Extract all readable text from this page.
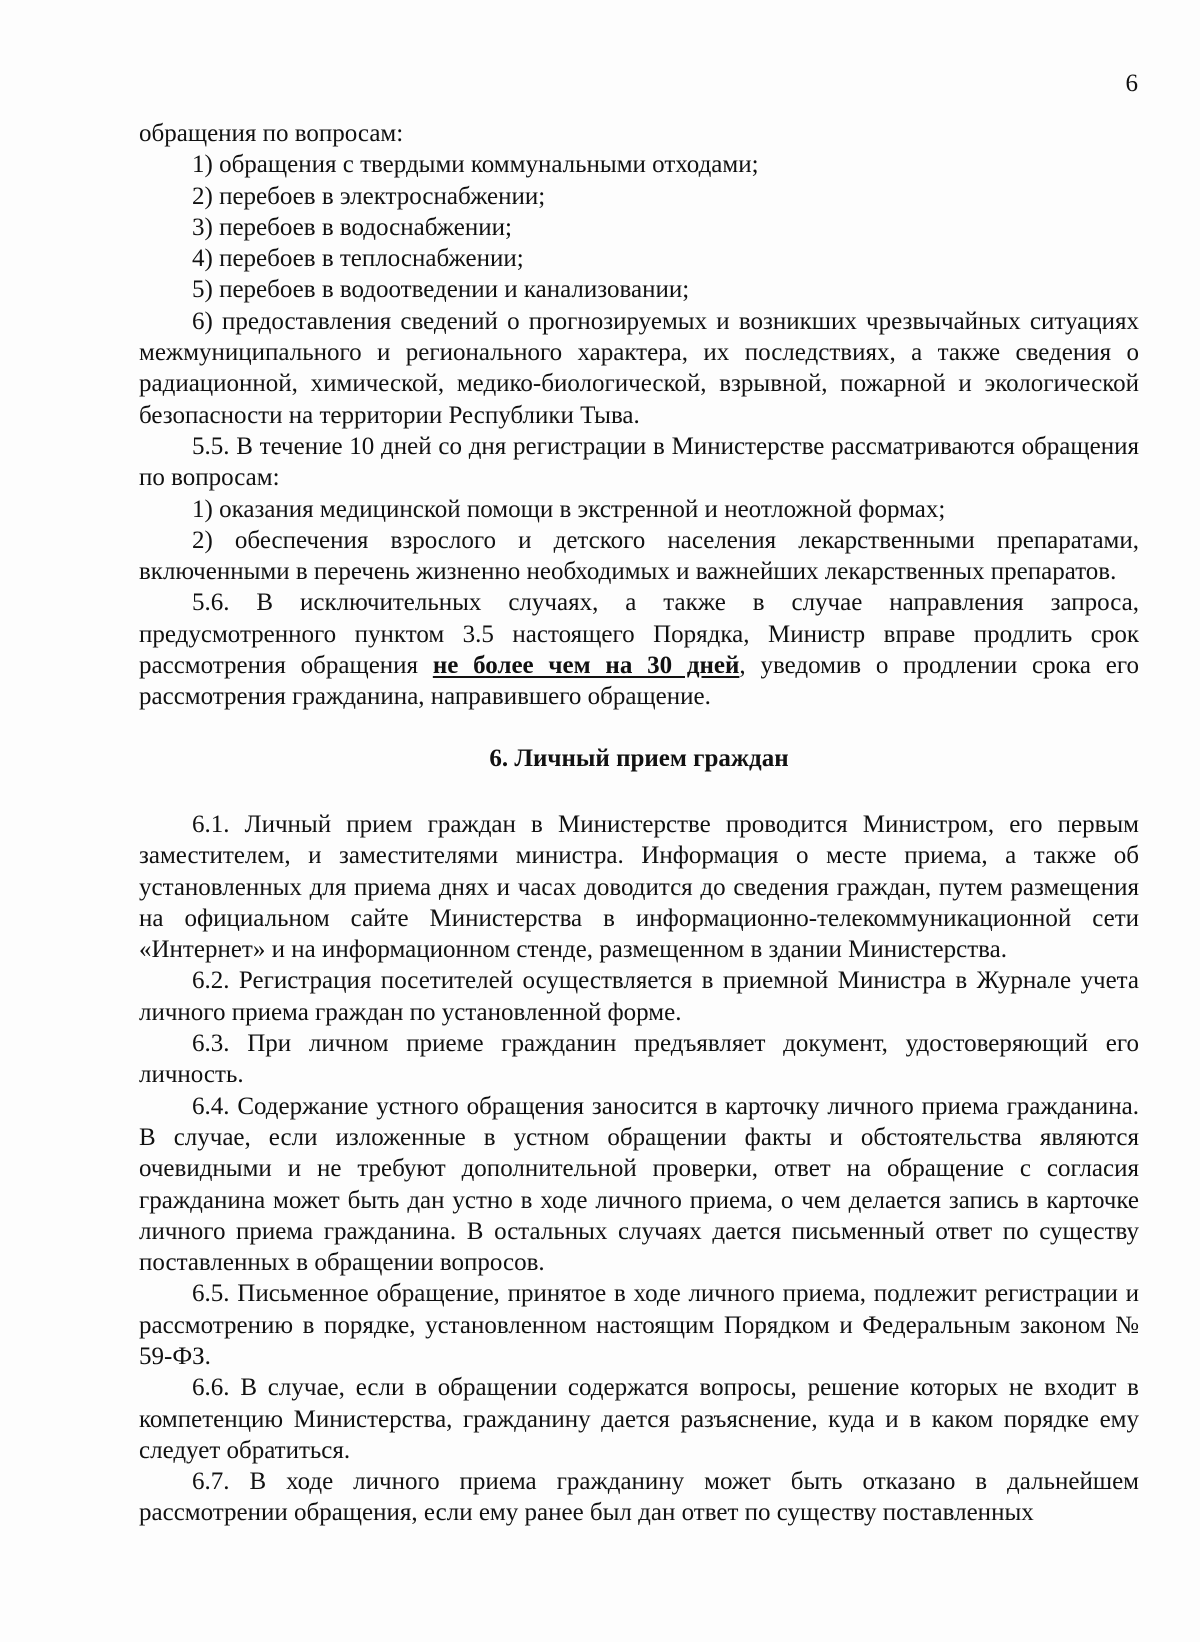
6

обращения по вопросам:

1) обращения с твердыми коммунальными отходами;

2) перебоев в электроснабжении;

3) перебоев в водоснабжении;

4) перебоев в теплоснабжении;

5) перебоев в водоотведении и канализовании;

6) предоставления сведений о прогнозируемых и возникших чрезвычайных ситуациях межмуниципального и регионального характера, их последствиях, а также сведения о радиационной, химической, медико-биологической, взрывной, пожарной и экологической безопасности на территории Республики Тыва.

5.5. В течение 10 дней со дня регистрации в Министерстве рассматриваются обращения по вопросам:

1) оказания медицинской помощи в экстренной и неотложной формах;

2) обеспечения взрослого и детского населения лекарственными препаратами, включенными в перечень жизненно необходимых и важнейших лекарственных препаратов.

5.6. В исключительных случаях, а также в случае направления запроса, предусмотренного пунктом 3.5 настоящего Порядка, Министр вправе продлить срок рассмотрения обращения не более чем на 30 дней, уведомив о продлении срока его рассмотрения гражданина, направившего обращение.

6. Личный прием граждан

6.1. Личный прием граждан в Министерстве проводится Министром, его первым заместителем, и заместителями министра. Информация о месте приема, а также об установленных для приема днях и часах доводится до сведения граждан, путем размещения на официальном сайте Министерства в информационно-телекоммуникационной сети «Интернет» и на информационном стенде, размещенном в здании Министерства.

6.2. Регистрация посетителей осуществляется в приемной Министра в Журнале учета личного приема граждан по установленной форме.

6.3. При личном приеме гражданин предъявляет документ, удостоверяющий его личность.

6.4. Содержание устного обращения заносится в карточку личного приема гражданина. В случае, если изложенные в устном обращении факты и обстоятельства являются очевидными и не требуют дополнительной проверки, ответ на обращение с согласия гражданина может быть дан устно в ходе личного приема, о чем делается запись в карточке личного приема гражданина. В остальных случаях дается письменный ответ по существу поставленных в обращении вопросов.

6.5. Письменное обращение, принятое в ходе личного приема, подлежит регистрации и рассмотрению в порядке, установленном настоящим Порядком и Федеральным законом № 59-ФЗ.

6.6. В случае, если в обращении содержатся вопросы, решение которых не входит в компетенцию Министерства, гражданину дается разъяснение, куда и в каком порядке ему следует обратиться.

6.7. В ходе личного приема гражданину может быть отказано в дальнейшем рассмотрении обращения, если ему ранее был дан ответ по существу поставленных
